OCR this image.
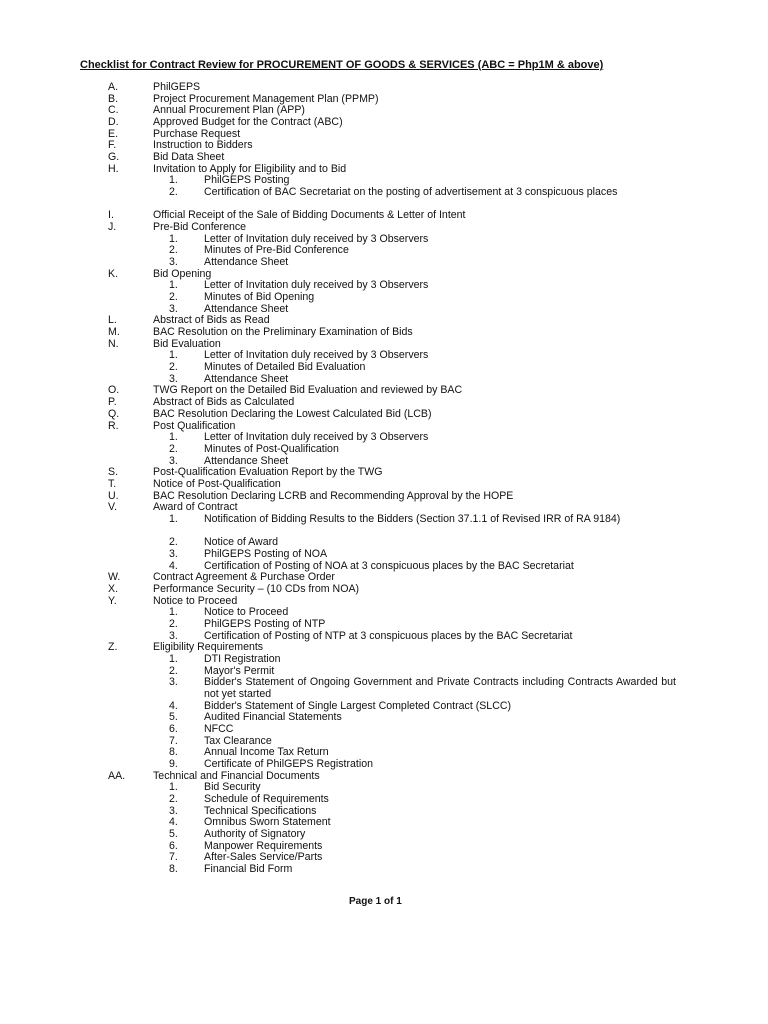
Checklist for Contract Review for PROCUREMENT OF GOODS & SERVICES (ABC = Php1M & above)
A.	PhilGEPS
B.	Project Procurement Management Plan (PPMP)
C.	Annual Procurement Plan (APP)
D.	Approved Budget for the Contract (ABC)
E.	Purchase Request
F.	Instruction to Bidders
G.	Bid Data Sheet
H.	Invitation to Apply for Eligibility and to Bid
1. PhilGEPS Posting
2. Certification of BAC Secretariat on the posting of advertisement at 3 conspicuous places
I.	Official Receipt of the Sale of Bidding Documents & Letter of Intent
J.	Pre-Bid Conference
1. Letter of Invitation duly received by 3 Observers
2. Minutes of Pre-Bid Conference
3. Attendance Sheet
K.	Bid Opening
1. Letter of Invitation duly received by 3 Observers
2. Minutes of Bid Opening
3. Attendance Sheet
L.	Abstract of Bids as Read
M.	BAC Resolution on the Preliminary Examination of Bids
N.	Bid Evaluation
1. Letter of Invitation duly received by 3 Observers
2. Minutes of Detailed Bid Evaluation
3. Attendance Sheet
O.	TWG Report on the Detailed Bid Evaluation and reviewed by BAC
P.	Abstract of Bids as Calculated
Q.	BAC Resolution Declaring the Lowest Calculated Bid (LCB)
R.	Post Qualification
1. Letter of Invitation duly received by 3 Observers
2. Minutes of Post-Qualification
3. Attendance Sheet
S.	Post-Qualification Evaluation Report by the TWG
T.	Notice of Post-Qualification
U.	BAC Resolution Declaring LCRB and Recommending Approval by the HOPE
V.	Award of Contract
1. Notification of Bidding Results to the Bidders (Section 37.1.1 of Revised IRR of RA 9184)
2. Notice of Award
3. PhilGEPS Posting of NOA
4. Certification of Posting of NOA at 3 conspicuous places by the BAC Secretariat
W.	Contract Agreement & Purchase Order
X.	Performance Security – (10 CDs from NOA)
Y.	Notice to Proceed
1. Notice to Proceed
2. PhilGEPS Posting of NTP
3. Certification of Posting of NTP at 3 conspicuous places by the BAC Secretariat
Z.	Eligibility Requirements
1. DTI Registration
2. Mayor's Permit
3. Bidder's Statement of Ongoing Government and Private Contracts including Contracts Awarded but not yet started
4. Bidder's Statement of Single Largest Completed Contract (SLCC)
5. Audited Financial Statements
6. NFCC
7. Tax Clearance
8. Annual Income Tax Return
9. Certificate of PhilGEPS Registration
AA.	Technical and Financial Documents
1. Bid Security
2. Schedule of Requirements
3. Technical Specifications
4. Omnibus Sworn Statement
5. Authority of Signatory
6. Manpower Requirements
7. After-Sales Service/Parts
8. Financial Bid Form
Page 1 of 1
